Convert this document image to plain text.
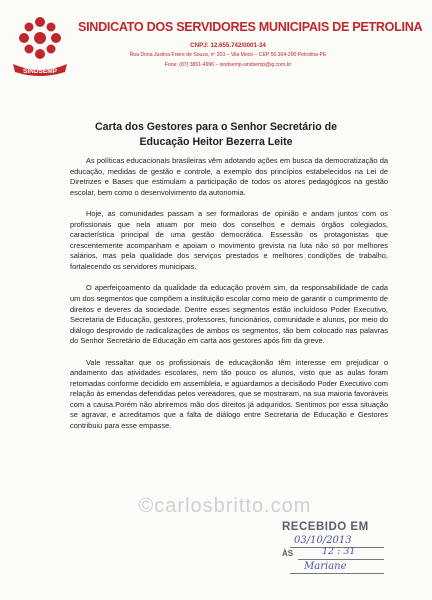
SINDSEMP
SINDICATO DOS SERVIDORES MUNICIPAIS DE PETROLINA
CNPJ: 12.655.742/0001-34
Rua Dona Justina Freire de Souza, nº 203 – Vila Mocó – CEP 56.304-290 Petrolina-PE
Fone: (87) 3861-4996 – sindsemp-sindsemp@ig.com.br
Carta dos Gestores para o Senhor Secretário de
Educação Heitor Bezerra Leite

As políticas educacionais brasileiras vêm adotando ações em busca da democratização da educação, medidas de gestão e controle, a exemplo dos princípios estabelecidos na Lei de Diretrizes e Bases que estimulam a participação de todos os atores pedagógicos na gestão escolar, bem como o desenvolvimento da autonomia.

Hoje, as comunidades passam a ser formadoras de opinião e andam juntos com os profissionais que nela atuam por meio dos conselhos e demais órgãos colegiados, característica principal de uma gestão democrática. Essessão os protagonistas que crescentemente acompanham e apoiam o movimento grevista na luta não só por melhores salários, mas pela qualidade dos serviços prestados e melhores condições de trabalho, fortalecendo os servidores municipais.

O aperfeiçoamento da qualidade da educação provém sim, da responsabilidade de cada um dos segmentos que compõem a instituição escolar como meio de garantir o cumprimento de direitos e deveres da sociedade. Dentre esses segmentos estão incluídoso Poder Executivo, Secretaria de Educação, gestores, professores, funcionários, comunidade e alunos, por meio do diálogo desprovido de radicalizações de ambos os segmentos, tão bem colocado nas palavras do Senhor Secretário de Educação em carta aos gestores após fim da greve.

Vale ressaltar que os profissionais de educaçãonão têm interesse em prejudicar o andamento das atividades escolares, nem tão pouco os alunos, visto que as aulas foram retomadas conforme decidido em assembleia, e aguardamos a decisãodo Poder Executivo com relação às emendas defendidas pelos vereadores, que se mostraram, na sua maioria favoráveis com a causa.Porém não abriremos mão dos direitos já adquiridos. Sentimos por essa situação se agravar, e acreditamos que a falta de diálogo entre Secretaria de Educação e Gestores contribuiu para esse empasse.

©carlosbritto.com
RECEBIDO EM
03/10/2013
ÀS	12 : 31
Mariane
